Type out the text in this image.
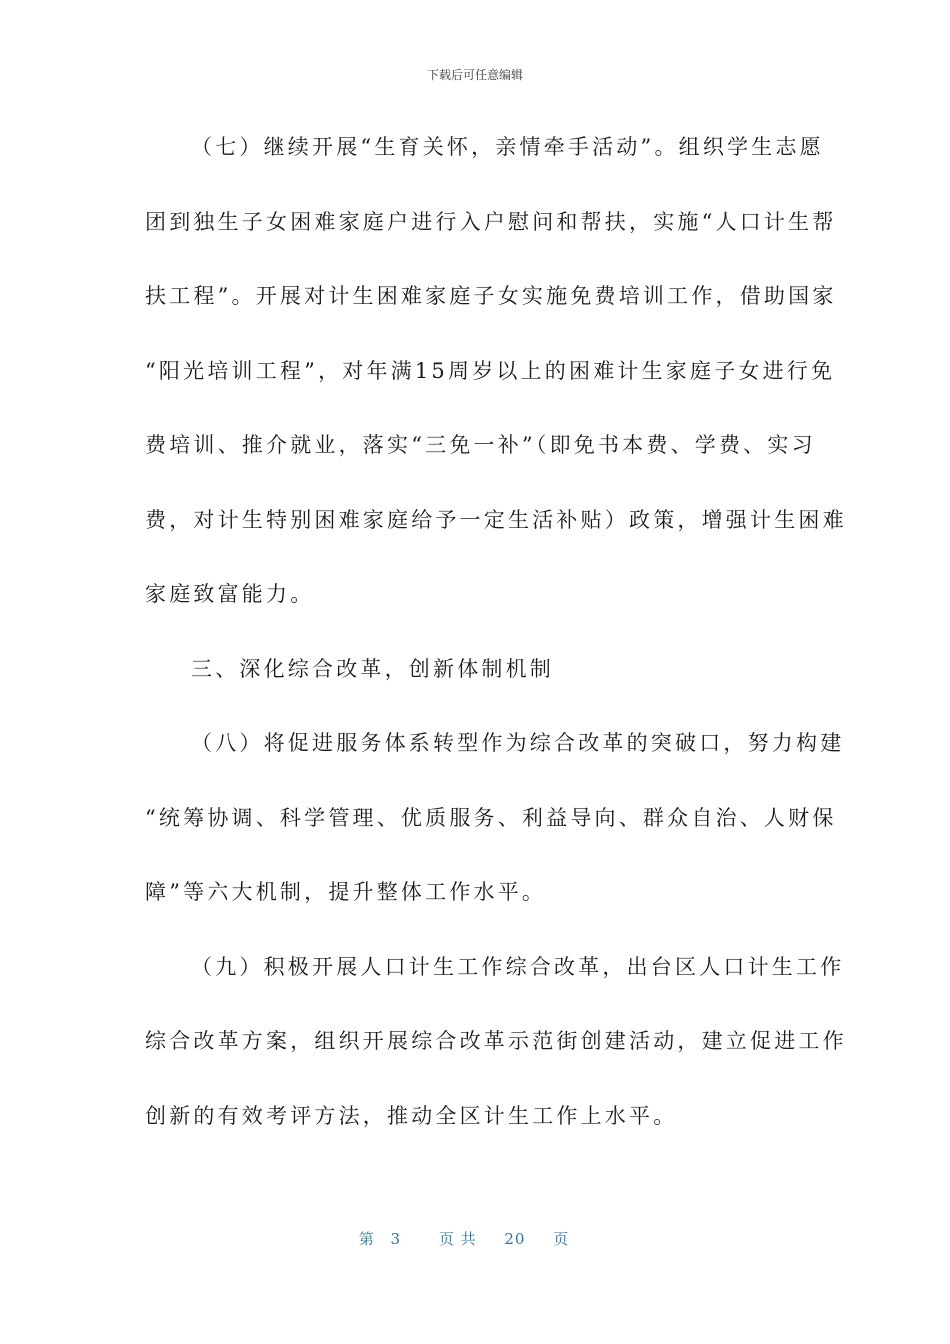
下载后可任意编辑
（七）继续开展“生育关怀，亲情牵手活动”。组织学生志愿
团到独生子女困难家庭户进行入户慰问和帮扶，实施“人口计生帮
扶工程”。开展对计生困难家庭子女实施免费培训工作，借助国家
“阳光培训工程”，对年满15周岁以上的困难计生家庭子女进行免
费培训、推介就业，落实“三免一补”（即免书本费、学费、实习
费，对计生特别困难家庭给予一定生活补贴）政策，增强计生困难
家庭致富能力。
三、深化综合改革，创新体制机制
（八）将促进服务体系转型作为综合改革的突破口，努力构建
“统筹协调、科学管理、优质服务、利益导向、群众自治、人财保
障”等六大机制，提升整体工作水平。
（九）积极开展人口计生工作综合改革，出台区人口计生工作
综合改革方案，组织开展综合改革示范街创建活动，建立促进工作
创新的有效考评方法，推动全区计生工作上水平。
第 3	页 共 20 页
